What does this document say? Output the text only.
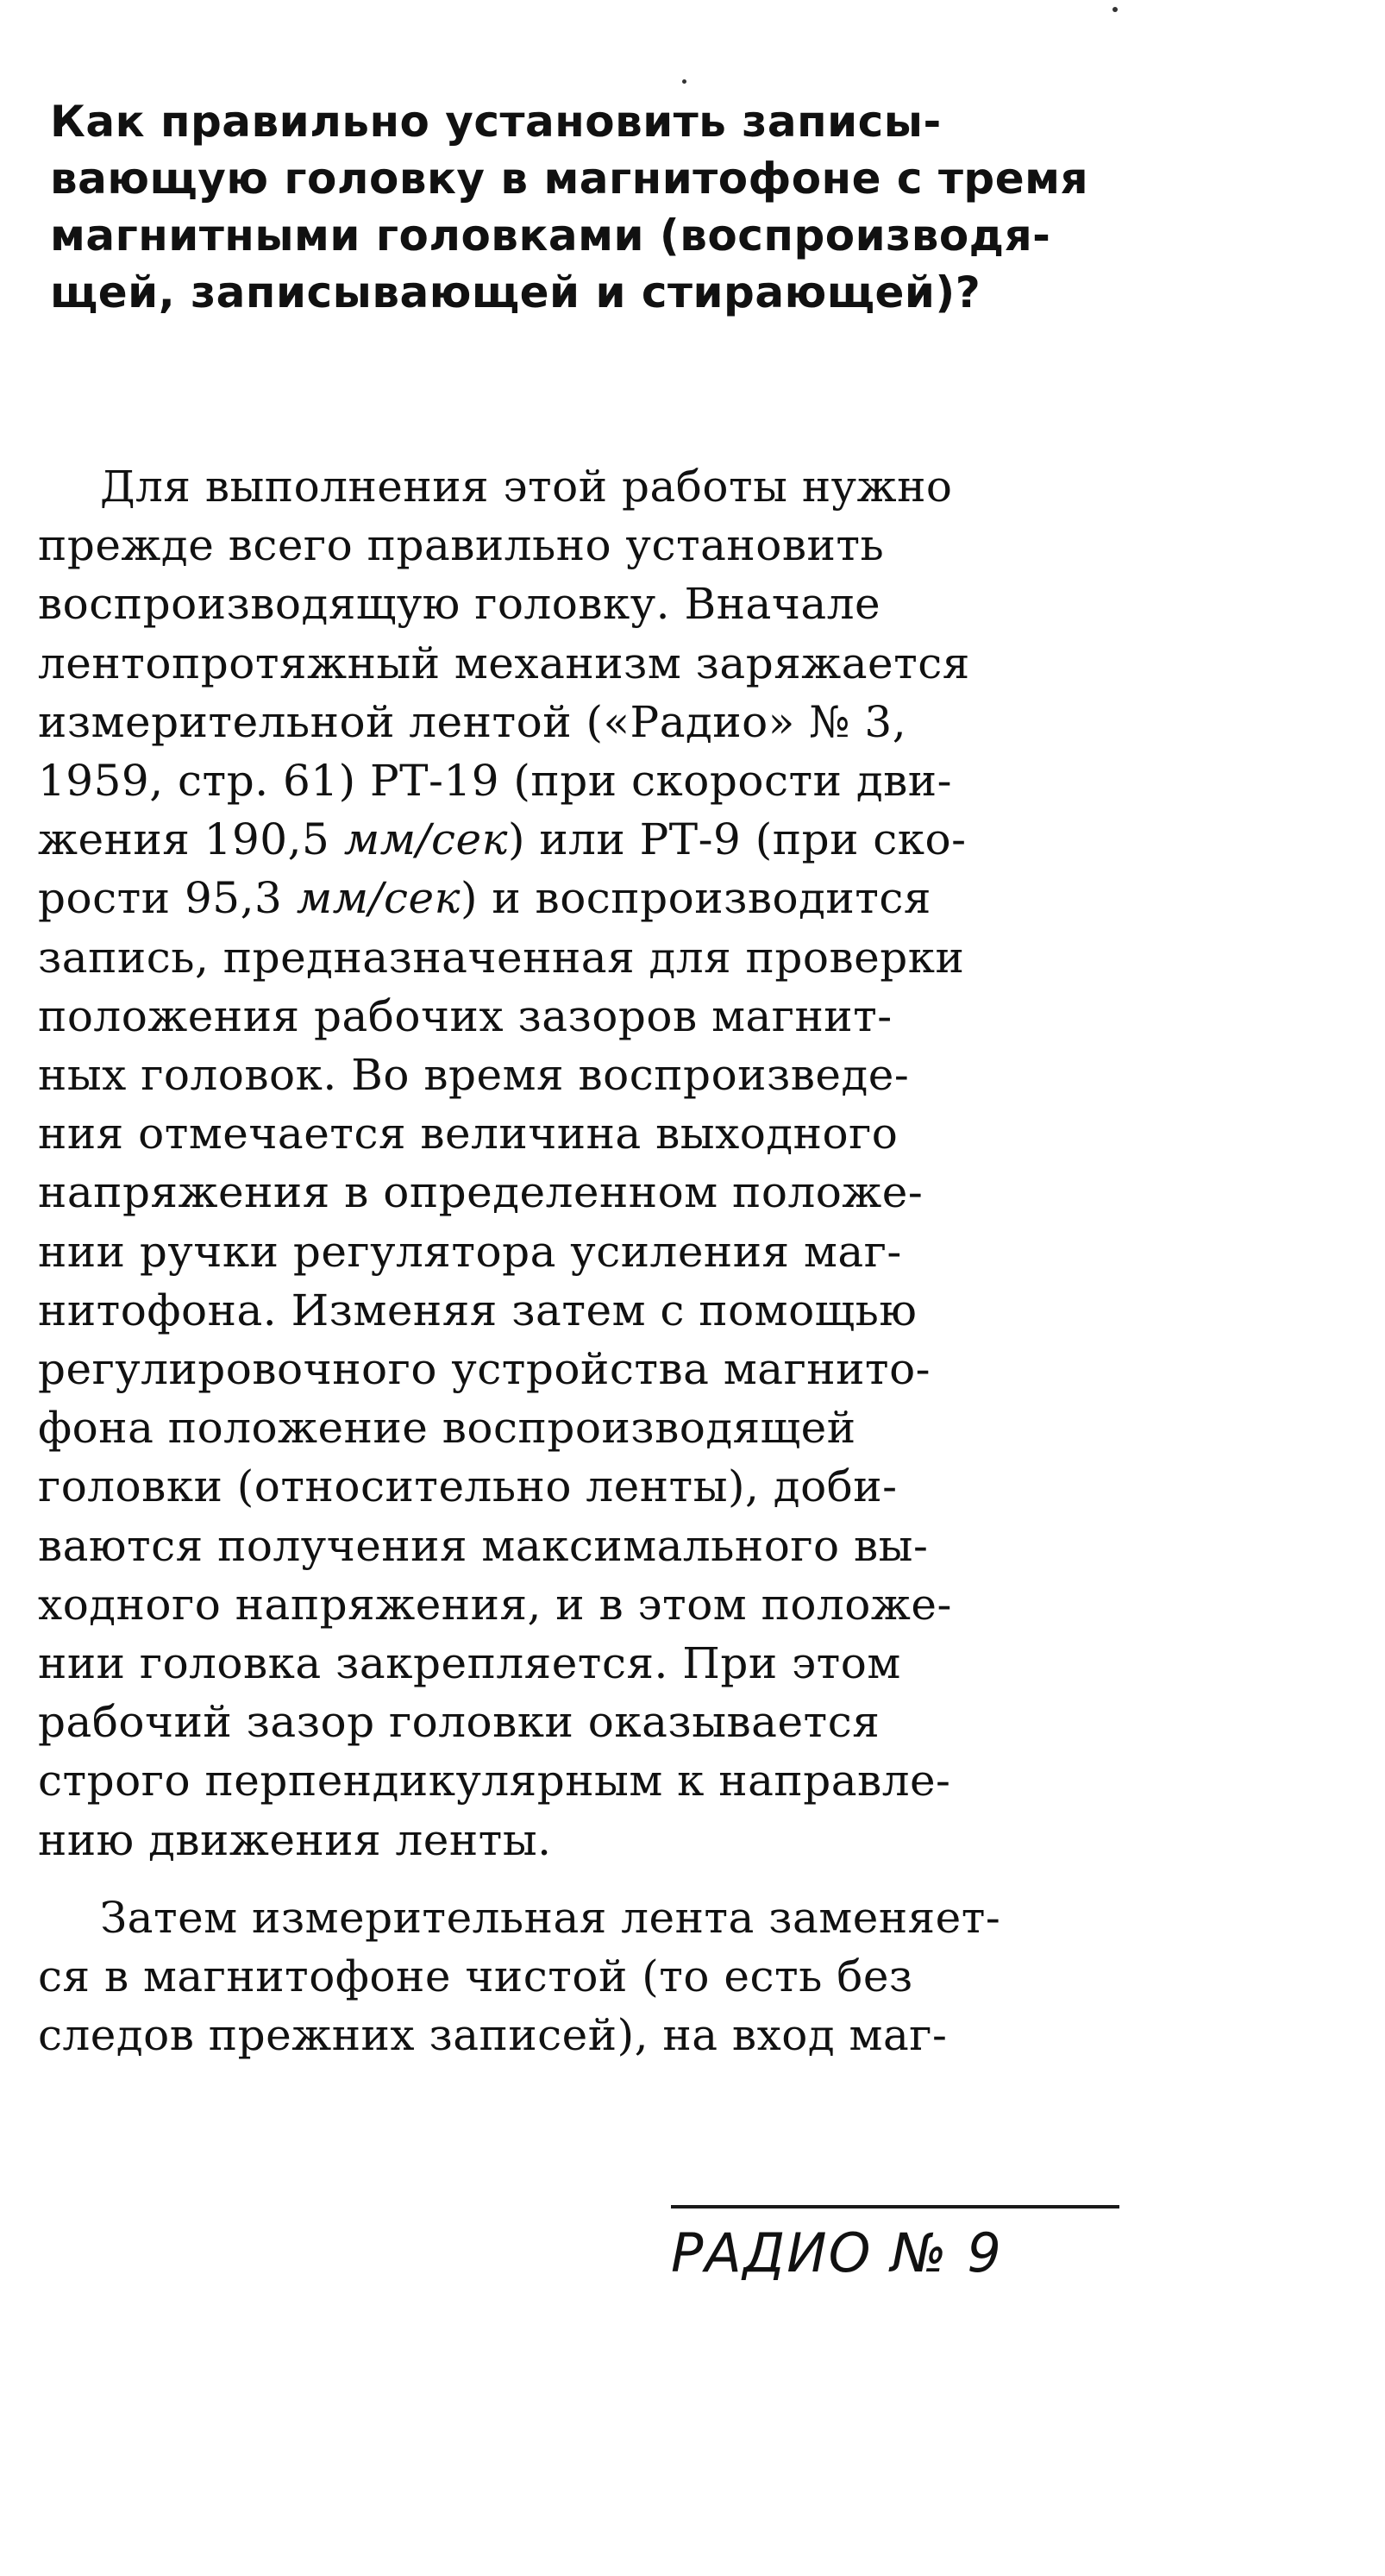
Как правильно установить записы-
вающую головку в магнитофоне с тремя
магнитными головками (воспроизводя-
щей, записывающей и стирающей)?
Для выполнения этой работы нужно
прежде всего правильно установить
воспроизводящую головку. Вначале
лентопротяжный механизм заряжается
измерительной лентой («Радио» № 3,
1959, стр. 61) РТ-19 (при скорости дви-
жения 190,5 мм/сек) или РТ-9 (при ско-
рости 95,3 мм/сек) и воспроизводится
запись, предназначенная для проверки
положения рабочих зазоров магнит-
ных головок. Во время воспроизведе-
ния отмечается величина выходного
напряжения в определенном положе-
нии ручки регулятора усиления маг-
нитофона. Изменяя затем с помощью
регулировочного устройства магнито-
фона положение воспроизводящей
головки (относительно ленты), доби-
ваются получения максимального вы-
ходного напряжения, и в этом положе-
нии головка закрепляется. При этом
рабочий зазор головки оказывается
строго перпендикулярным к направле-
нию движения ленты.
Затем измерительная лента заменяет-
ся в магнитофоне чистой (то есть без
следов прежних записей), на вход маг-
РАДИО № 9
